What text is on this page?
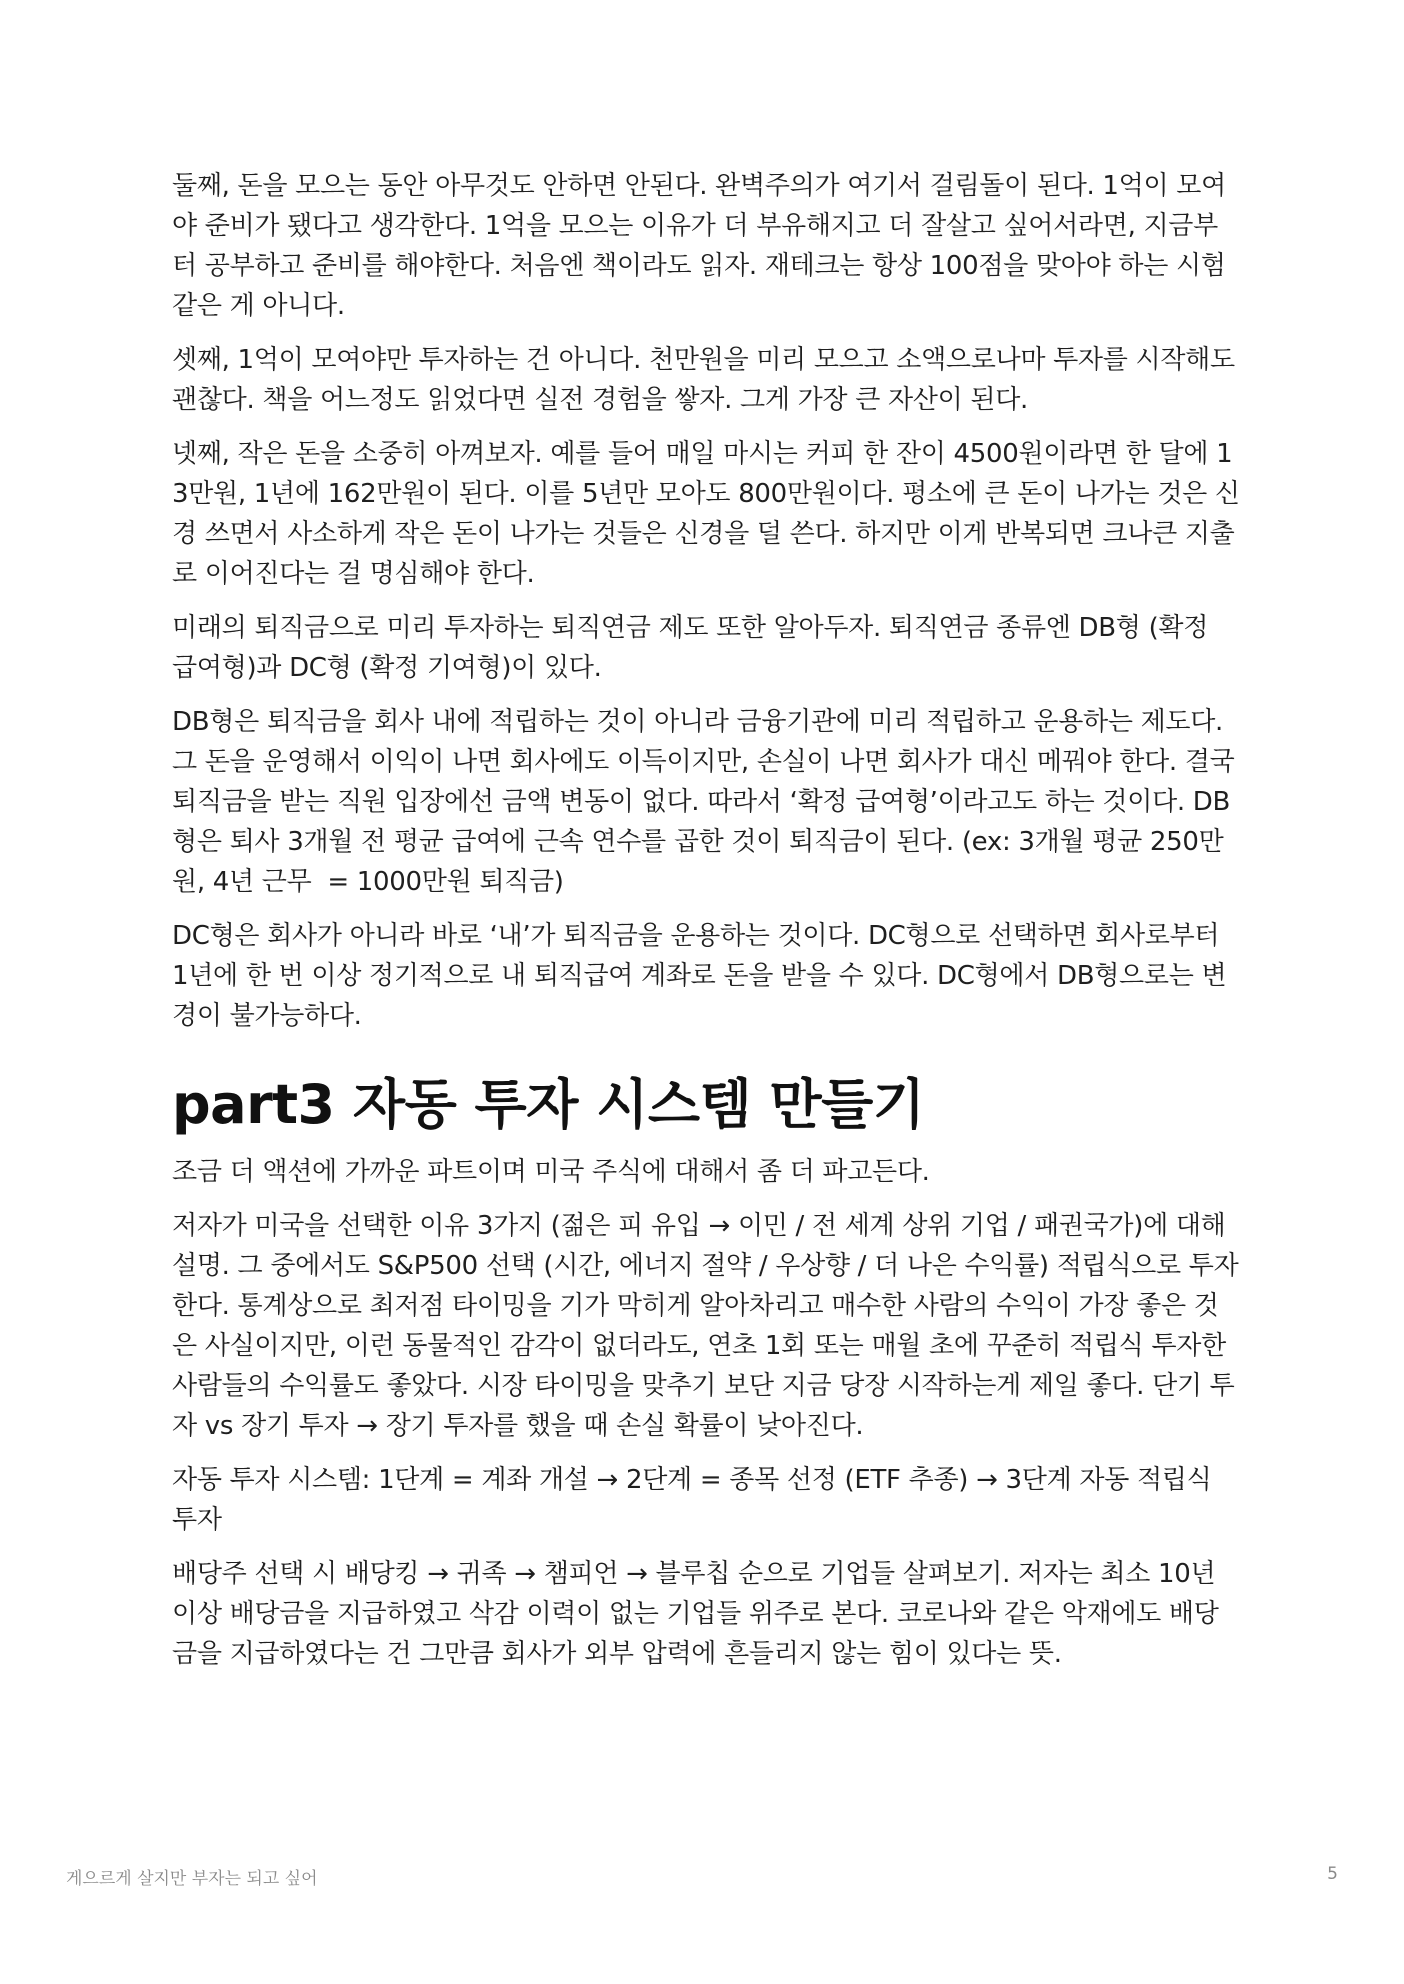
둘째, 돈을 모으는 동안 아무것도 안하면 안된다. 완벽주의가 여기서 걸림돌이 된다. 1억이 모여야 준비가 됐다고 생각한다. 1억을 모으는 이유가 더 부유해지고 더 잘살고 싶어서라면, 지금부터 공부하고 준비를 해야한다. 처음엔 책이라도 읽자. 재테크는 항상 100점을 맞아야 하는 시험 같은 게 아니다.

셋째, 1억이 모여야만 투자하는 건 아니다. 천만원을 미리 모으고 소액으로나마 투자를 시작해도 괜찮다. 책을 어느정도 읽었다면 실전 경험을 쌓자. 그게 가장 큰 자산이 된다.

넷째, 작은 돈을 소중히 아껴보자. 예를 들어 매일 마시는 커피 한 잔이 4500원이라면 한 달에 13만원, 1년에 162만원이 된다. 이를 5년만 모아도 800만원이다. 평소에 큰 돈이 나가는 것은 신경 쓰면서 사소하게 작은 돈이 나가는 것들은 신경을 덜 쓴다. 하지만 이게 반복되면 크나큰 지출로 이어진다는 걸 명심해야 한다.

미래의 퇴직금으로 미리 투자하는 퇴직연금 제도 또한 알아두자. 퇴직연금 종류엔 DB형 (확정 급여형)과 DC형 (확정 기여형)이 있다.

DB형은 퇴직금을 회사 내에 적립하는 것이 아니라 금융기관에 미리 적립하고 운용하는 제도다. 그 돈을 운영해서 이익이 나면 회사에도 이득이지만, 손실이 나면 회사가 대신 메꿔야 한다. 결국 퇴직금을 받는 직원 입장에선 금액 변동이 없다. 따라서 ‘확정 급여형’이라고도 하는 것이다. DB형은 퇴사 3개월 전 평균 급여에 근속 연수를 곱한 것이 퇴직금이 된다. (ex: 3개월 평균 250만원, 4년 근무  = 1000만원 퇴직금)

DC형은 회사가 아니라 바로 ‘내’가 퇴직금을 운용하는 것이다. DC형으로 선택하면 회사로부터 1년에 한 번 이상 정기적으로 내 퇴직급여 계좌로 돈을 받을 수 있다. DC형에서 DB형으로는 변경이 불가능하다.

part3 자동 투자 시스템 만들기

조금 더 액션에 가까운 파트이며 미국 주식에 대해서 좀 더 파고든다.

저자가 미국을 선택한 이유 3가지 (젊은 피 유입 → 이민 / 전 세계 상위 기업 / 패권국가)에 대해 설명. 그 중에서도 S&P500 선택 (시간, 에너지 절약 / 우상향 / 더 나은 수익률) 적립식으로 투자한다. 통계상으로 최저점 타이밍을 기가 막히게 알아차리고 매수한 사람의 수익이 가장 좋은 것은 사실이지만, 이런 동물적인 감각이 없더라도, 연초 1회 또는 매월 초에 꾸준히 적립식 투자한 사람들의 수익률도 좋았다. 시장 타이밍을 맞추기 보단 지금 당장 시작하는게 제일 좋다. 단기 투자 vs 장기 투자 → 장기 투자를 했을 때 손실 확률이 낮아진다.

자동 투자 시스템: 1단계 = 계좌 개설 → 2단계 = 종목 선정 (ETF 추종) → 3단계 자동 적립식 투자

배당주 선택 시 배당킹 → 귀족 → 챔피언 → 블루칩 순으로 기업들 살펴보기. 저자는 최소 10년 이상 배당금을 지급하였고 삭감 이력이 없는 기업들 위주로 본다. 코로나와 같은 악재에도 배당금을 지급하였다는 건 그만큼 회사가 외부 압력에 흔들리지 않는 힘이 있다는 뜻.

게으르게 살지만 부자는 되고 싶어	5
